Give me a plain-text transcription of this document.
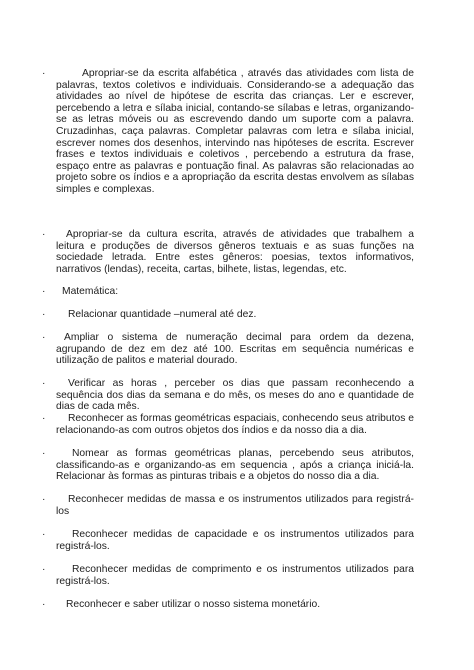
·	Apropriar-se da escrita alfabética , através das atividades com lista de palavras, textos coletivos e individuais. Considerando-se a adequação das atividades ao nível de hipótese de escrita das crianças. Ler e escrever, percebendo a letra e sílaba inicial, contando-se sílabas e letras, organizando-se as letras móveis ou as escrevendo dando um suporte com a palavra. Cruzadinhas, caça palavras. Completar palavras com letra e sílaba inicial, escrever nomes dos desenhos, intervindo nas hipóteses de escrita. Escrever frases e textos individuais e coletivos , percebendo a estrutura da frase, espaço entre as palavras e pontuação final. As palavras são relacionadas ao projeto sobre os índios e a apropriação da escrita destas envolvem as sílabas simples e complexas.
·	Apropriar-se da cultura escrita, através de atividades que trabalhem a leitura e produções de diversos gêneros textuais e as suas funções na sociedade letrada. Entre estes gêneros: poesias, textos informativos, narrativos (lendas), receita, cartas, bilhete, listas, legendas, etc.
·	Matemática:
·	Relacionar quantidade –numeral até dez.
·	Ampliar o sistema de numeração decimal para ordem da dezena, agrupando de dez em dez até 100. Escritas em sequência numéricas e utilização de palitos e material dourado.
·	Verificar as horas , perceber os dias que passam reconhecendo a sequência dos dias da semana e do mês, os meses do ano e quantidade de dias de cada mês.
·	Reconhecer as formas geométricas espaciais, conhecendo seus atributos e relacionando-as com outros objetos dos índios e da nosso dia a dia.
·	Nomear as formas geométricas planas, percebendo seus atributos, classificando-as e organizando-as em sequencia , após a criança iniciá-la. Relacionar às formas as pinturas tribais e a objetos do nosso dia a dia.
·	Reconhecer medidas de massa e os instrumentos utilizados para registrá-los
·	Reconhecer medidas de capacidade e os instrumentos utilizados para registrá-los.
·	Reconhecer medidas de comprimento e os instrumentos utilizados para registrá-los.
·	Reconhecer e saber utilizar o nosso sistema monetário.
